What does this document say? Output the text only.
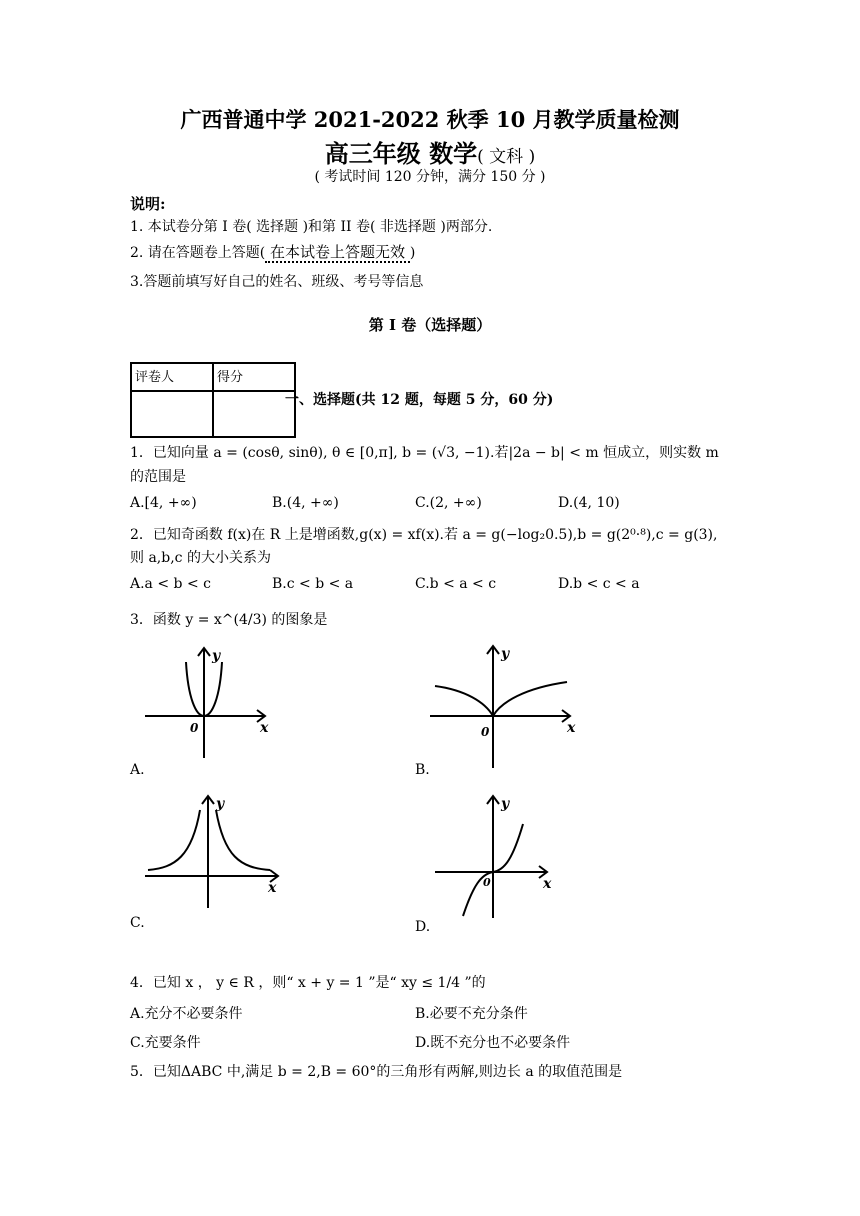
广西普通中学 2021-2022 秋季 10 月教学质量检测
高三年级 数学( 文科 )
( 考试时间 120 分钟，满分 150 分 )
说明:
1. 本试卷分第 I 卷( 选择题 )和第 II 卷( 非选择题 )两部分.
2. 请在答题卷上答题( 在本试卷上答题无效 )
3.答题前填写好自己的姓名、班级、考号等信息
第 I 卷（选择题）
评卷人	得分

一、选择题(共 12 题，每题 5 分，60 分)
1．已知向量 a = (cosθ, sinθ), θ ∈ [0,π], b = (√3, −1).若|2a − b| < m 恒成立，则实数 m
的范围是
A.[4, +∞)	B.(4, +∞)	C.(2, +∞)	D.(4, 10)
2．已知奇函数 f(x)在 R 上是增函数,g(x) = xf(x).若 a = g(−log₂0.5),b = g(2⁰·⁸),c = g(3),
则 a,b,c 的大小关系为
A.a < b < c	B.c < b < a	C.b < a < c	D.b < c < a
3．函数 y = x^(4/3) 的图象是
x
y
0
A.
x
y
0
B.
x
y
C.
x
y
0
D.
4．已知 x ， y ∈ R ，则“ x + y = 1 ”是“ xy ≤ 1/4 ”的
A.充分不必要条件	B.必要不充分条件
C.充要条件	D.既不充分也不必要条件
5．已知ΔABC 中,满足 b = 2,B = 60°的三角形有两解,则边长 a 的取值范围是
